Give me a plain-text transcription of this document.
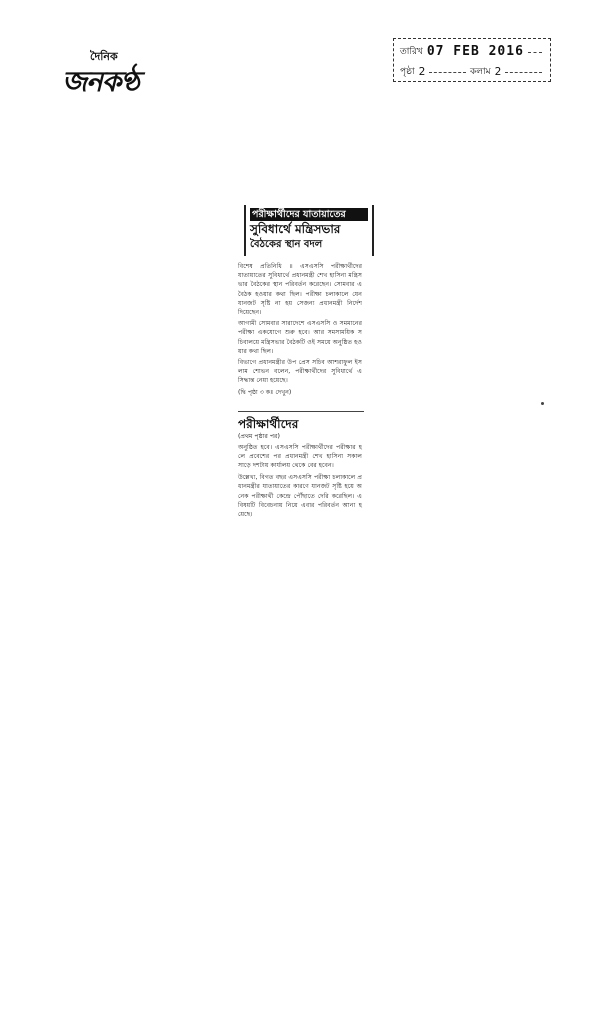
দৈনিক
জনকণ্ঠ
তারিখ 07 FEB 2016
পৃষ্ঠা 2	কলাম 2
পরীক্ষার্থীদের যাতায়াতের
সুবিধার্থে মন্ত্রিসভার
বৈঠকের স্থান বদল

বিশেষ প্রতিনিধি ॥ এসএসসি পরীক্ষার্থীদের যাতায়াতের সুবিধার্থে প্রধানমন্ত্রী শেখ হাসিনা মন্ত্রিসভার বৈঠকের স্থান পরিবর্তন করেছেন। সোমবার এ বৈঠক হওয়ার কথা ছিল। পরীক্ষা চলাকালে যেন যানজট সৃষ্টি না হয় সেজন্য প্রধানমন্ত্রী নির্দেশ দিয়েছেন।

আগামী সোমবার সারাদেশে এসএসসি ও সমমানের পরীক্ষা একযোগে শুরু হবে। আর সমসাময়িক সচিবালয়ে মন্ত্রিসভার বৈঠকটি ওই সময়ে অনুষ্ঠিত হওয়ার কথা ছিল।

বিভাগে প্রধানমন্ত্রীর উপ প্রেস সচিব আশরাফুল ইসলাম শোভন বলেন, পরীক্ষার্থীদের সুবিধার্থে এ সিদ্ধান্ত নেয়া হয়েছে।

(দ্বি পৃষ্ঠা ৩ কঃ দেখুন)
পরীক্ষার্থীদের
(প্রথম পৃষ্ঠার পর)

অনুষ্ঠিত হবে। এসএসসি পরীক্ষার্থীদের পরীক্ষার হলে প্রবেশের পর প্রধানমন্ত্রী শেখ হাসিনা সকাল সাড়ে দশটায় কার্যালয় থেকে বের হবেন।

উল্লেখ্য, বিগত বছর এসএসসি পরীক্ষা চলাকালে প্রধানমন্ত্রীর যাতায়াতের কারণে যানজট সৃষ্টি হয়ে অনেক পরীক্ষার্থী কেন্দ্রে পৌঁছাতে দেরি করেছিল। এ বিষয়টি বিবেচনায় নিয়ে এবার পরিবর্তন আনা হয়েছে।
